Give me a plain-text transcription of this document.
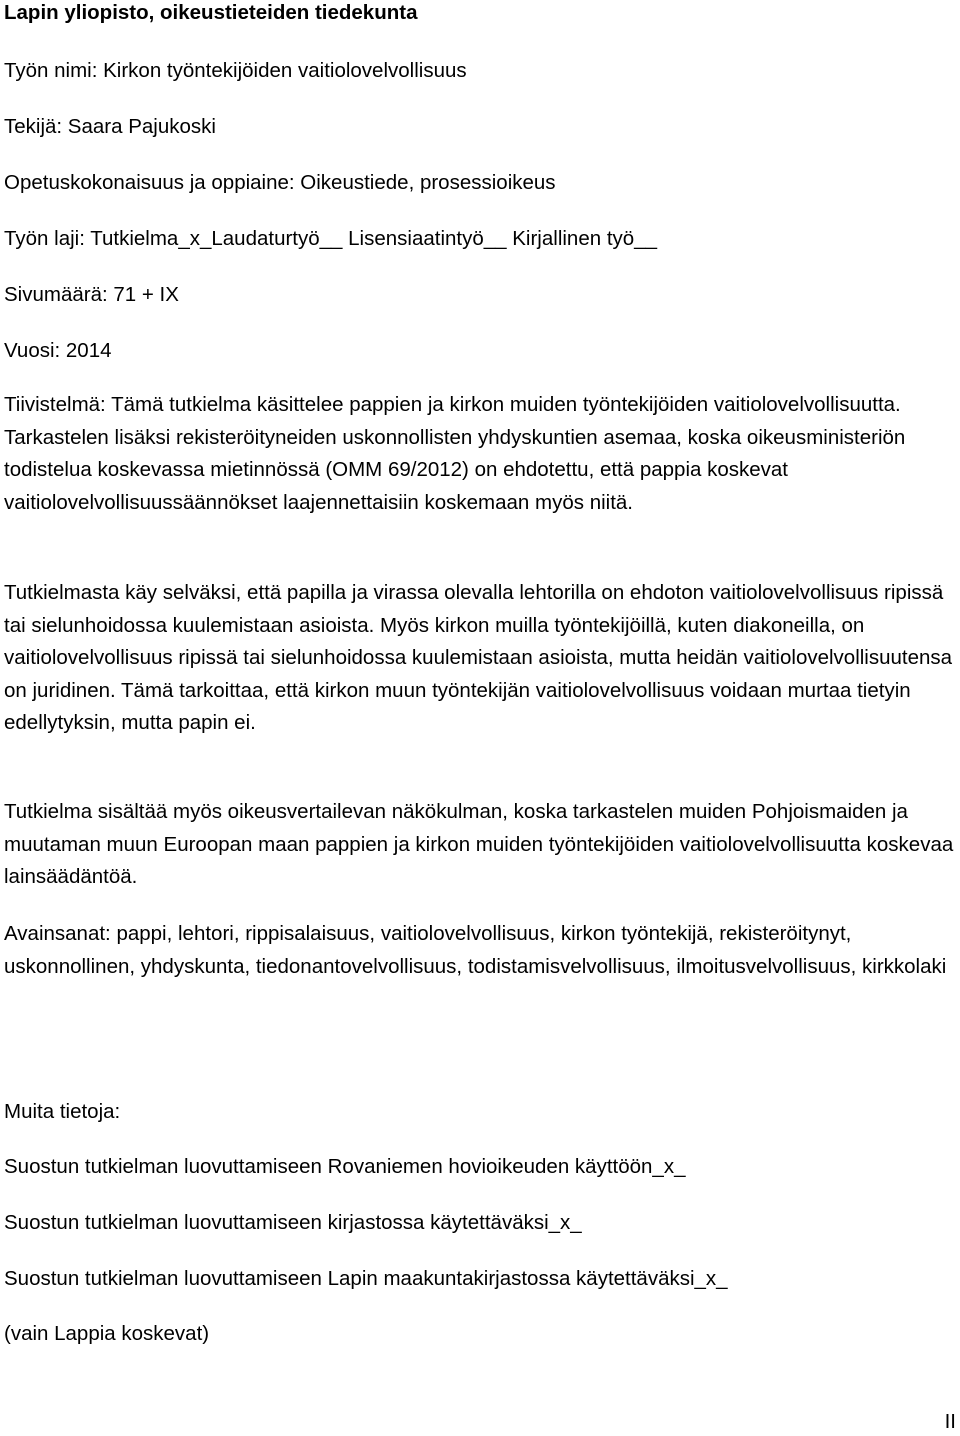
Lapin yliopisto, oikeustieteiden tiedekunta
Työn nimi: Kirkon työntekijöiden vaitiolovelvollisuus
Tekijä: Saara Pajukoski
Opetuskokonaisuus ja oppiaine: Oikeustiede, prosessioikeus
Työn laji: Tutkielma_x_Laudaturtyö__ Lisensiaatintyö__ Kirjallinen työ__
Sivumäärä: 71 + IX
Vuosi: 2014
Tiivistelmä: Tämä tutkielma käsittelee pappien ja kirkon muiden työntekijöiden vaitiolovelvollisuutta. Tarkastelen lisäksi rekisteröityneiden uskonnollisten yhdyskuntien asemaa, koska oikeusministeriön todistelua koskevassa mietinnössä (OMM 69/2012) on ehdotettu, että pappia koskevat vaitiolovelvollisuussäännökset laajennettaisiin koskemaan myös niitä.
Tutkielmasta käy selväksi, että papilla ja virassa olevalla lehtorilla on ehdoton vaitiolovelvollisuus ripissä tai sielunhoidossa kuulemistaan asioista. Myös kirkon muilla työntekijöillä, kuten diakoneilla, on vaitiolovelvollisuus ripissä tai sielunhoidossa kuulemistaan asioista, mutta heidän vaitiolovelvollisuutensa on juridinen. Tämä tarkoittaa, että kirkon muun työntekijän vaitiolovelvollisuus voidaan murtaa tietyin edellytyksin, mutta papin ei.
Tutkielma sisältää myös oikeusvertailevan näkökulman, koska tarkastelen muiden Pohjoismaiden ja muutaman muun Euroopan maan pappien ja kirkon muiden työntekijöiden vaitiolovelvollisuutta koskevaa lainsäädäntöä.
Avainsanat: pappi, lehtori, rippisalaisuus, vaitiolovelvollisuus, kirkon työntekijä, rekisteröitynyt, uskonnollinen, yhdyskunta, tiedonantovelvollisuus, todistamisvelvollisuus, ilmoitusvelvollisuus, kirkkolaki
Muita tietoja:
Suostun tutkielman luovuttamiseen Rovaniemen hovioikeuden käyttöön_x_
Suostun tutkielman luovuttamiseen kirjastossa käytettäväksi_x_
Suostun tutkielman luovuttamiseen Lapin maakuntakirjastossa käytettäväksi_x_
(vain Lappia koskevat)
II
